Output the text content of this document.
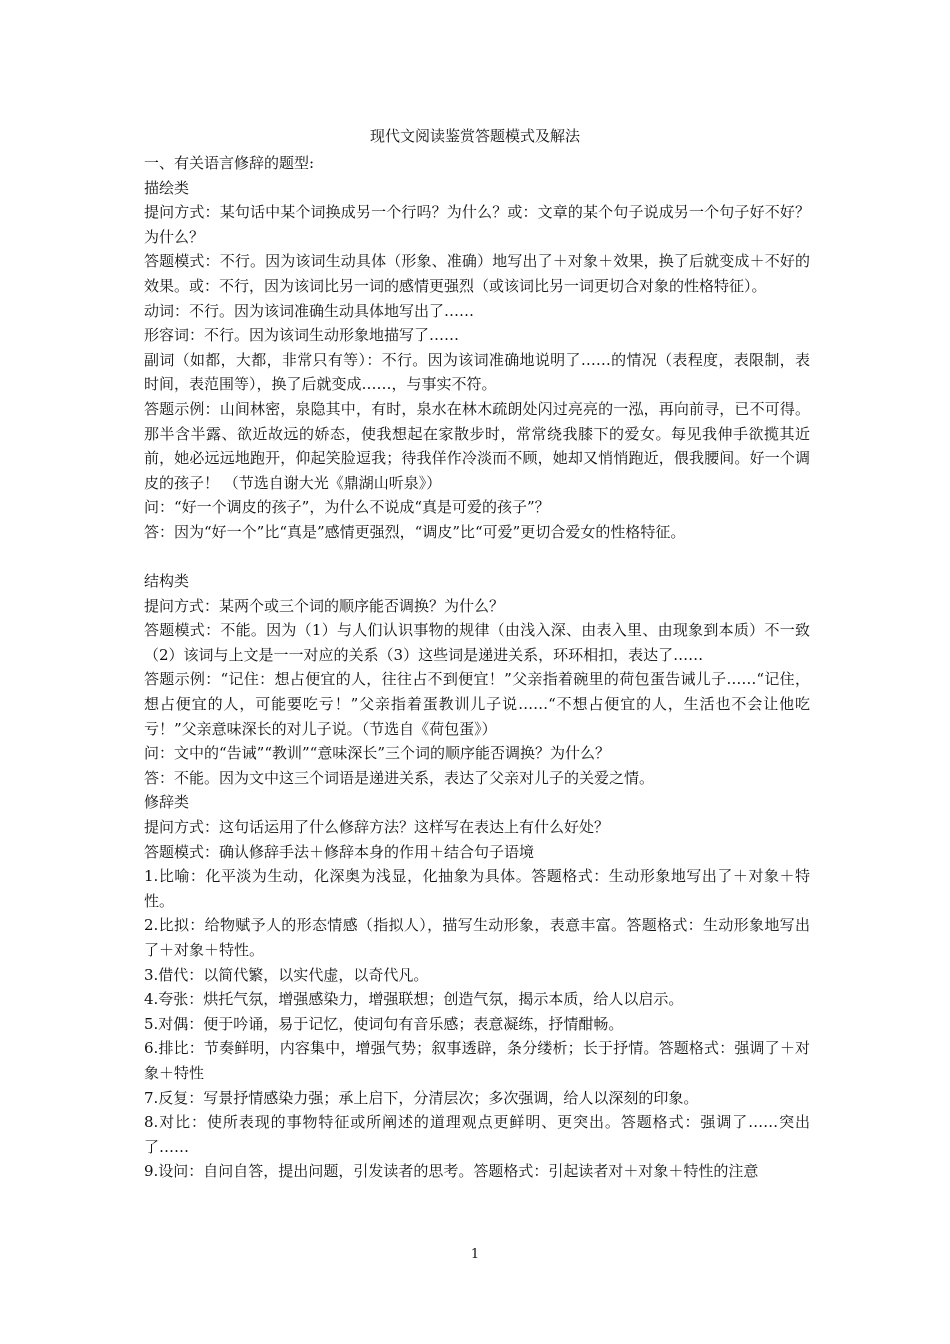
现代文阅读鉴赏答题模式及解法

一、有关语言修辞的题型:

描绘类

提问方式：某句话中某个词换成另一个行吗？为什么？或：文章的某个句子说成另一个句子好不好？为什么？

答题模式：不行。因为该词生动具体（形象、准确）地写出了＋对象＋效果，换了后就变成＋不好的效果。或：不行，因为该词比另一词的感情更强烈（或该词比另一词更切合对象的性格特征）。

动词：不行。因为该词准确生动具体地写出了……

形容词：不行。因为该词生动形象地描写了……

副词（如都，大都，非常只有等）：不行。因为该词准确地说明了……的情况（表程度，表限制，表时间，表范围等），换了后就变成……，与事实不符。

答题示例：山间林密，泉隐其中，有时，泉水在林木疏朗处闪过亮亮的一泓，再向前寻，已不可得。那半含半露、欲近故远的娇态，使我想起在家散步时，常常绕我膝下的爱女。每见我伸手欲揽其近前，她必远远地跑开，仰起笑脸逗我；待我佯作冷淡而不顾，她却又悄悄跑近，偎我腰间。好一个调皮的孩子！ （节选自谢大光《鼎湖山听泉》）

问：“好一个调皮的孩子”，为什么不说成“真是可爱的孩子”？

答：因为“好一个”比“真是”感情更强烈，“调皮”比“可爱”更切合爱女的性格特征。

结构类

提问方式：某两个或三个词的顺序能否调换？为什么？

答题模式：不能。因为（1）与人们认识事物的规律（由浅入深、由表入里、由现象到本质）不一致（2）该词与上文是一一对应的关系（3）这些词是递进关系，环环相扣，表达了……

答题示例：“记住：想占便宜的人，往往占不到便宜！”父亲指着碗里的荷包蛋告诫儿子……“记住，想占便宜的人，可能要吃亏！”父亲指着蛋教训儿子说……“不想占便宜的人，生活也不会让他吃亏！”父亲意味深长的对儿子说。（节选自《荷包蛋》）

问：文中的“告诫”“教训”“意味深长”三个词的顺序能否调换？为什么？

答：不能。因为文中这三个词语是递进关系，表达了父亲对儿子的关爱之情。

修辞类

提问方式：这句话运用了什么修辞方法？这样写在表达上有什么好处？

答题模式：确认修辞手法＋修辞本身的作用＋结合句子语境

1.比喻：化平淡为生动，化深奥为浅显，化抽象为具体。答题格式：生动形象地写出了＋对象＋特性。

2.比拟：给物赋予人的形态情感（指拟人），描写生动形象，表意丰富。答题格式：生动形象地写出了＋对象＋特性。

3.借代：以简代繁，以实代虚，以奇代凡。

4.夸张：烘托气氛，增强感染力，增强联想；创造气氛，揭示本质，给人以启示。

5.对偶：便于吟诵，易于记忆，使词句有音乐感；表意凝练，抒情酣畅。

6.排比：节奏鲜明，内容集中，增强气势；叙事透辟，条分缕析；长于抒情。答题格式：强调了＋对象＋特性

7.反复：写景抒情感染力强；承上启下，分清层次；多次强调，给人以深刻的印象。

8.对比：使所表现的事物特征或所阐述的道理观点更鲜明、更突出。答题格式：强调了……突出了……

9.设问：自问自答，提出问题，引发读者的思考。答题格式：引起读者对＋对象＋特性的注意

1
